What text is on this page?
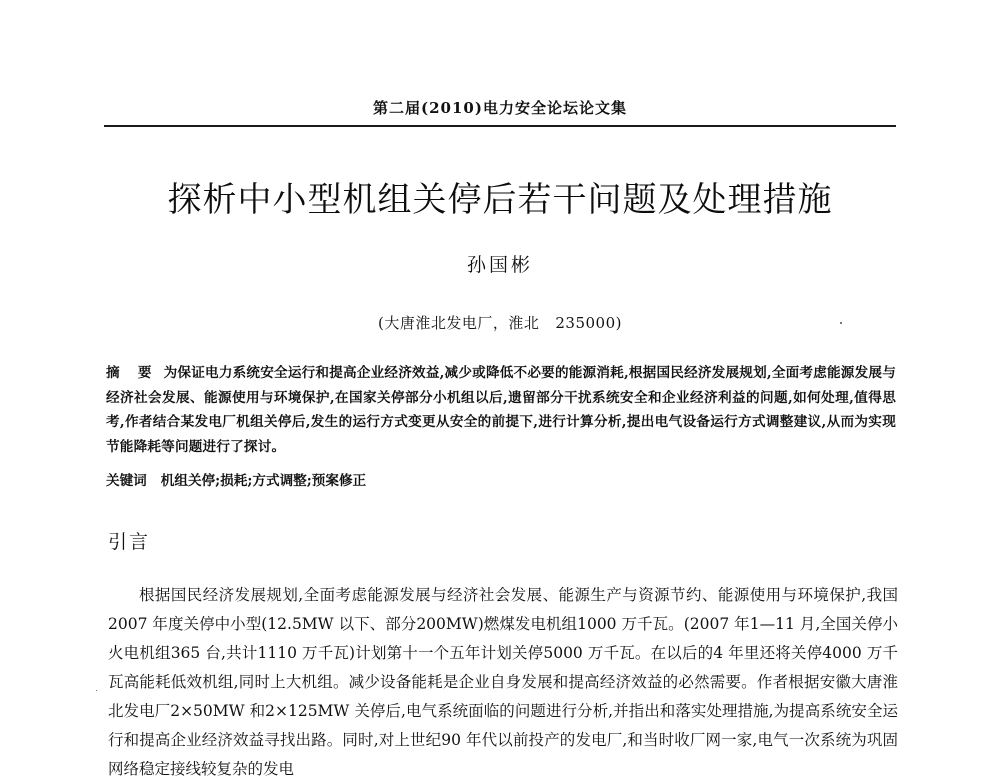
第二届(2010)电力安全论坛论文集
探析中小型机组关停后若干问题及处理措施
孙国彬
(大唐淮北发电厂，淮北 235000)
摘 要 为保证电力系统安全运行和提高企业经济效益,减少或降低不必要的能源消耗,根据国民经济发展规划,全面考虑能源发展与经济社会发展、能源使用与环境保护,在国家关停部分小机组以后,遗留部分干扰系统安全和企业经济利益的问题,如何处理,值得思考,作者结合某发电厂机组关停后,发生的运行方式变更从安全的前提下,进行计算分析,提出电气设备运行方式调整建议,从而为实现节能降耗等问题进行了探讨。
关键词 机组关停;损耗;方式调整;预案修正
引言

根据国民经济发展规划,全面考虑能源发展与经济社会发展、能源生产与资源节约、能源使用与环境保护,我国2007 年度关停中小型(12.5MW 以下、部分200MW)燃煤发电机组1000 万千瓦。(2007 年1—11 月,全国关停小火电机组365 台,共计1110 万千瓦)计划第十一个五年计划关停5000 万千瓦。在以后的4 年里还将关停4000 万千瓦高能耗低效机组,同时上大机组。减少设备能耗是企业自身发展和提高经济效益的必然需要。作者根据安徽大唐淮北发电厂2×50MW 和2×125MW 关停后,电气系统面临的问题进行分析,并指出和落实处理措施,为提高系统安全运行和提高企业经济效益寻找出路。同时,对上世纪90 年代以前投产的发电厂,和当时收厂网一家,电气一次系统为巩固网络稳定接线较复杂的发电
